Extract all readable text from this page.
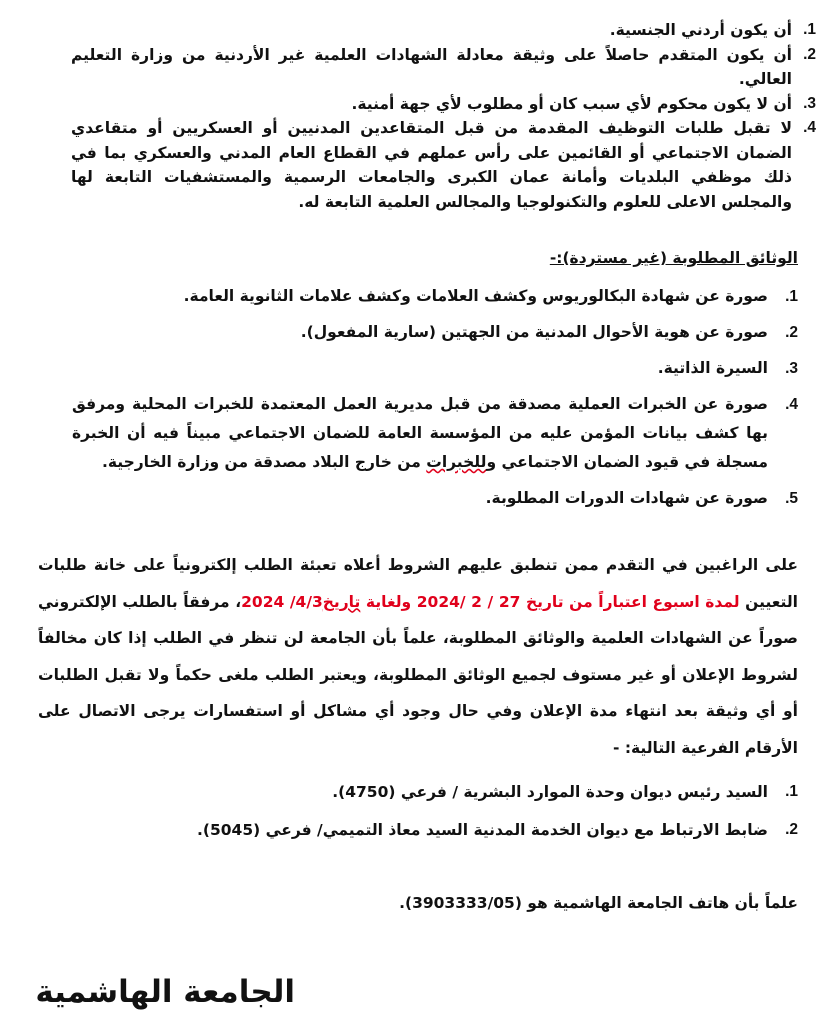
1.
أن يكون أردني الجنسية.
2.
أن يكون المتقدم حاصلاً على وثيقة معادلة الشهادات العلمية غير الأردنية من وزارة التعليم العالي.
3.
أن لا يكون محكوم لأي سبب كان أو مطلوب لأي جهة أمنية.
4.
لا تقبل طلبات التوظيف المقدمة من قبل المتقاعدين المدنيين أو العسكريين أو متقاعدي الضمان الاجتماعي أو القائمين على رأس عملهم في القطاع العام المدني والعسكري بما في ذلك موظفي البلديات وأمانة عمان الكبرى والجامعات الرسمية والمستشفيات التابعة لها والمجلس الاعلى للعلوم والتكنولوجيا والمجالس العلمية التابعة له.
الوثائق المطلوبة (غير مستردة):-
1.
صورة عن شهادة البكالوريوس وكشف العلامات وكشف علامات الثانوية العامة.
2.
صورة عن هوية الأحوال المدنية من الجهتين (سارية المفعول).
3.
السيرة الذاتية.
4.
صورة عن الخبرات العملية مصدقة من قبل مديرية العمل المعتمدة للخبرات المحلية ومرفق بها كشف بيانات المؤمن عليه من المؤسسة العامة للضمان الاجتماعي مبيناً فيه أن الخبرة مسجلة في قيود الضمان الاجتماعي وللخبرات من خارج البلاد مصدقة من وزارة الخارجية.
5.
صورة عن شهادات الدورات المطلوبة.
على الراغبين في التقدم ممن تنطبق عليهم الشروط أعلاه تعبئة الطلب إلكترونياً على خانة طلبات التعيين لمدة اسبوع اعتباراً من تاريخ 27 / 2 /2024 ولغاية تاريخ4/3/ 2024، مرفقاً بالطلب الإلكتروني صوراً عن الشهادات العلمية والوثائق المطلوبة، علماً بأن الجامعة لن تنظر في الطلب إذا كان مخالفاً لشروط الإعلان أو غير مستوف لجميع الوثائق المطلوبة، ويعتبر الطلب ملغى حكماً ولا تقبل الطلبات أو أي وثيقة بعد انتهاء مدة الإعلان وفي حال وجود أي مشاكل أو استفسارات يرجى الاتصال على الأرقام الفرعية التالية: -
1.
السيد رئيس ديوان وحدة الموارد البشرية / فرعي (4750).
2.
ضابط الارتباط مع ديوان الخدمة المدنية السيد معاذ التميمي/ فرعي (5045).
علماً بأن هاتف الجامعة الهاشمية هو (3903333/05).
الجامعة الهاشمية
